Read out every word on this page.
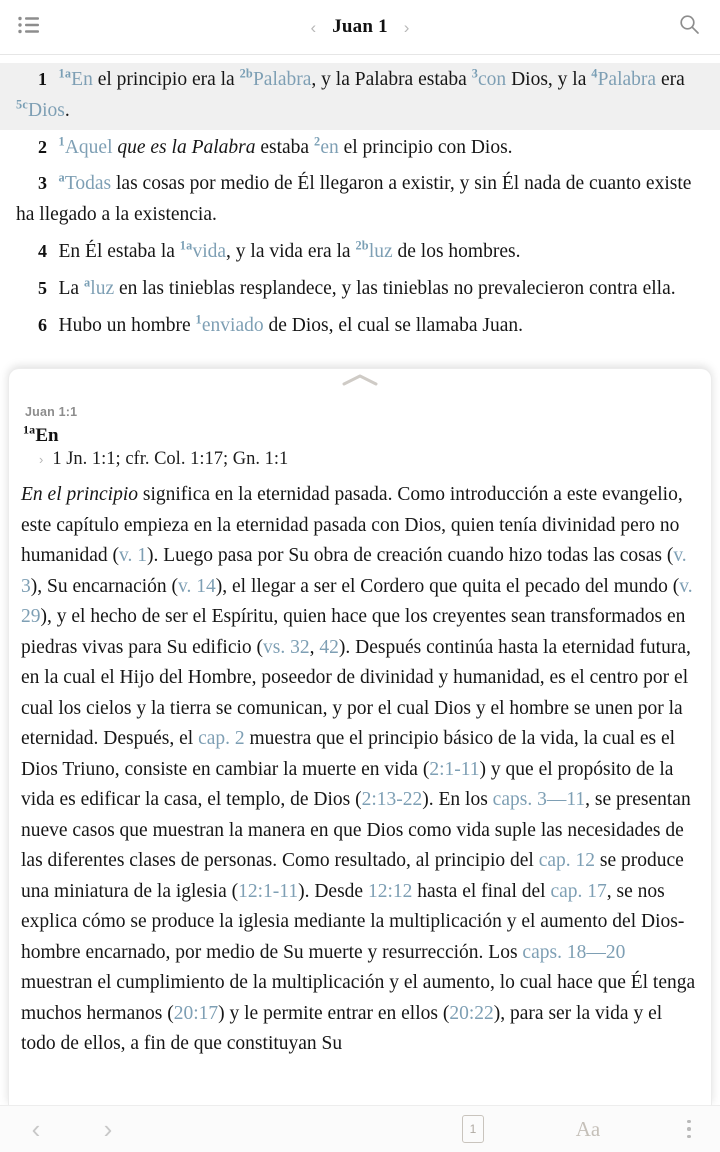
‹ Juan 1 ›
1 $^{1a}$En el principio era la $^{2b}$Palabra, y la Palabra estaba $^3$con Dios, y la $^4$Palabra era $^{5c}$Dios.
2 $^1$Aquel que es la Palabra estaba $^2$en el principio con Dios.
3 $^a$Todas las cosas por medio de Él llegaron a existir, y sin Él nada de cuanto existe ha llegado a la existencia.
4 En Él estaba la $^{1a}$vida, y la vida era la $^{2b}$luz de los hombres.
5 La $^a$luz en las tinieblas resplandece, y las tinieblas no prevalecieron contra ella.
6 Hubo un hombre $^1$enviado de Dios, el cual se llamaba Juan.
Juan 1:1
$^{1a}$En
› 1 Jn. 1:1; cfr. Col. 1:17; Gn. 1:1
En el principio significa en la eternidad pasada. Como introducción a este evangelio, este capítulo empieza en la eternidad pasada con Dios, quien tenía divinidad pero no humanidad (v. 1). Luego pasa por Su obra de creación cuando hizo todas las cosas (v. 3), Su encarnación (v. 14), el llegar a ser el Cordero que quita el pecado del mundo (v. 29), y el hecho de ser el Espíritu, quien hace que los creyentes sean transformados en piedras vivas para Su edificio (vs. 32, 42). Después continúa hasta la eternidad futura, en la cual el Hijo del Hombre, poseedor de divinidad y humanidad, es el centro por el cual los cielos y la tierra se comunican, y por el cual Dios y el hombre se unen por la eternidad. Después, el cap. 2 muestra que el principio básico de la vida, la cual es el Dios Triuno, consiste en cambiar la muerte en vida (2:1-11) y que el propósito de la vida es edificar la casa, el templo, de Dios (2:13-22). En los caps. 3—11, se presentan nueve casos que muestran la manera en que Dios como vida suple las necesidades de las diferentes clases de personas. Como resultado, al principio del cap. 12 se produce una miniatura de la iglesia (12:1-11). Desde 12:12 hasta el final del cap. 17, se nos explica cómo se produce la iglesia mediante la multiplicación y el aumento del Dios-hombre encarnado, por medio de Su muerte y resurrección. Los caps. 18—20 muestran el cumplimiento de la multiplicación y el aumento, lo cual hace que Él tenga muchos hermanos (20:17) y le permite entrar en ellos (20:22), para ser la vida y el todo de ellos, a fin de que constituyan Su
‹ ›	1	Aa
